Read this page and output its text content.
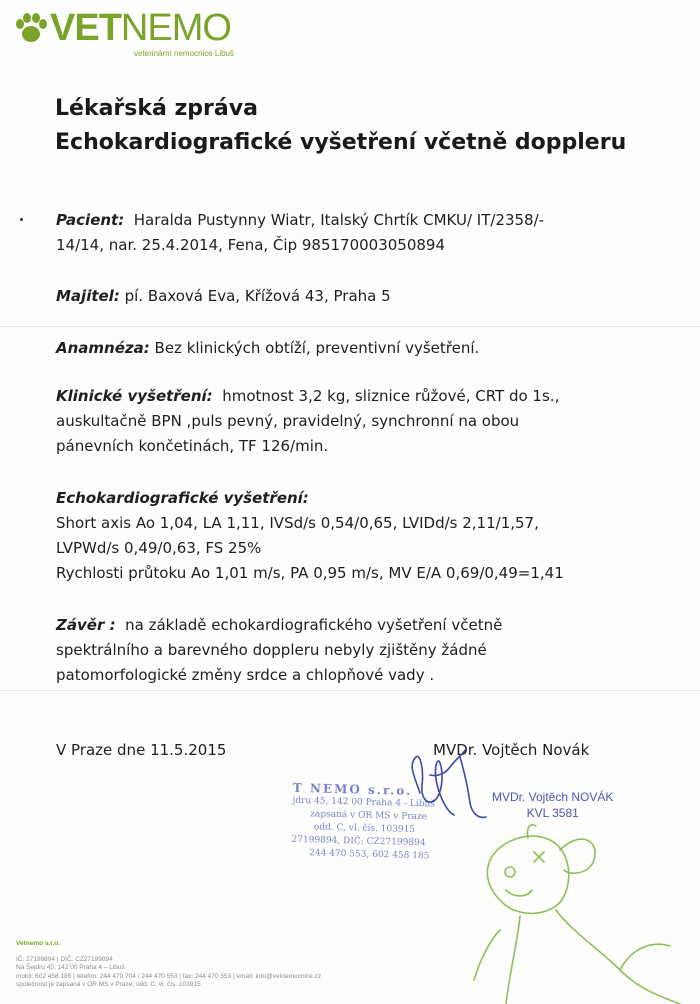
VETNEMO
veterinární nemocnice Libuš
Lékařská zpráva
Echokardiografické vyšetření včetně doppleru
Pacient: Haralda Pustynny Wiatr, Italský Chrtík CMKU/ IT/2358/-
14/14, nar. 25.4.2014, Fena, Čip 985170003050894
Majitel: pí. Baxová Eva, Křížová 43, Praha 5
Anamnéza: Bez klinických obtíží, preventivní vyšetření.
Klinické vyšetření: hmotnost 3,2 kg, sliznice růžové, CRT do 1s.,
auskultačně BPN ,puls pevný, pravidelný, synchronní na obou
pánevních končetinách, TF 126/min.
Echokardiografické vyšetření:
Short axis Ao 1,04, LA 1,11, IVSd/s 0,54/0,65, LVIDd/s 2,11/1,57,
LVPWd/s 0,49/0,63, FS 25%
Rychlosti průtoku Ao 1,01 m/s, PA 0,95 m/s, MV E/A 0,69/0,49=1,41
Závěr : na základě echokardiografického vyšetření včetně
spektrálního a barevného doppleru nebyly zjištěny žádné
patomorfologické změny srdce a chlopňové vady .
V Praze dne 11.5.2015	MVDr. Vojtěch Novák
T NEMO s.r.o.
jdru 45, 142 00 Praha 4 - Libuš
zapsaná v OR MS v Praze
odd. C, vl. čís. 103915
27199894, DIČ: CZ27199894
244 470 553, 602 458 185
MVDr. Vojtěch NOVÁK
KVL 3581
Vetnemo s.r.o.
IČ: 27199894 | DIČ: CZ27199894
Na Šejdru 45, 142 00 Praha 4 – Libuš
mobil: 602 458 185 | telefon: 244 470 704 / 244 470 553 | fax: 244 470 553 | email: info@vetnemocnice.cz
společnost je zapsaná v OR MS v Praze, odd. C, vl. čís. 103915
